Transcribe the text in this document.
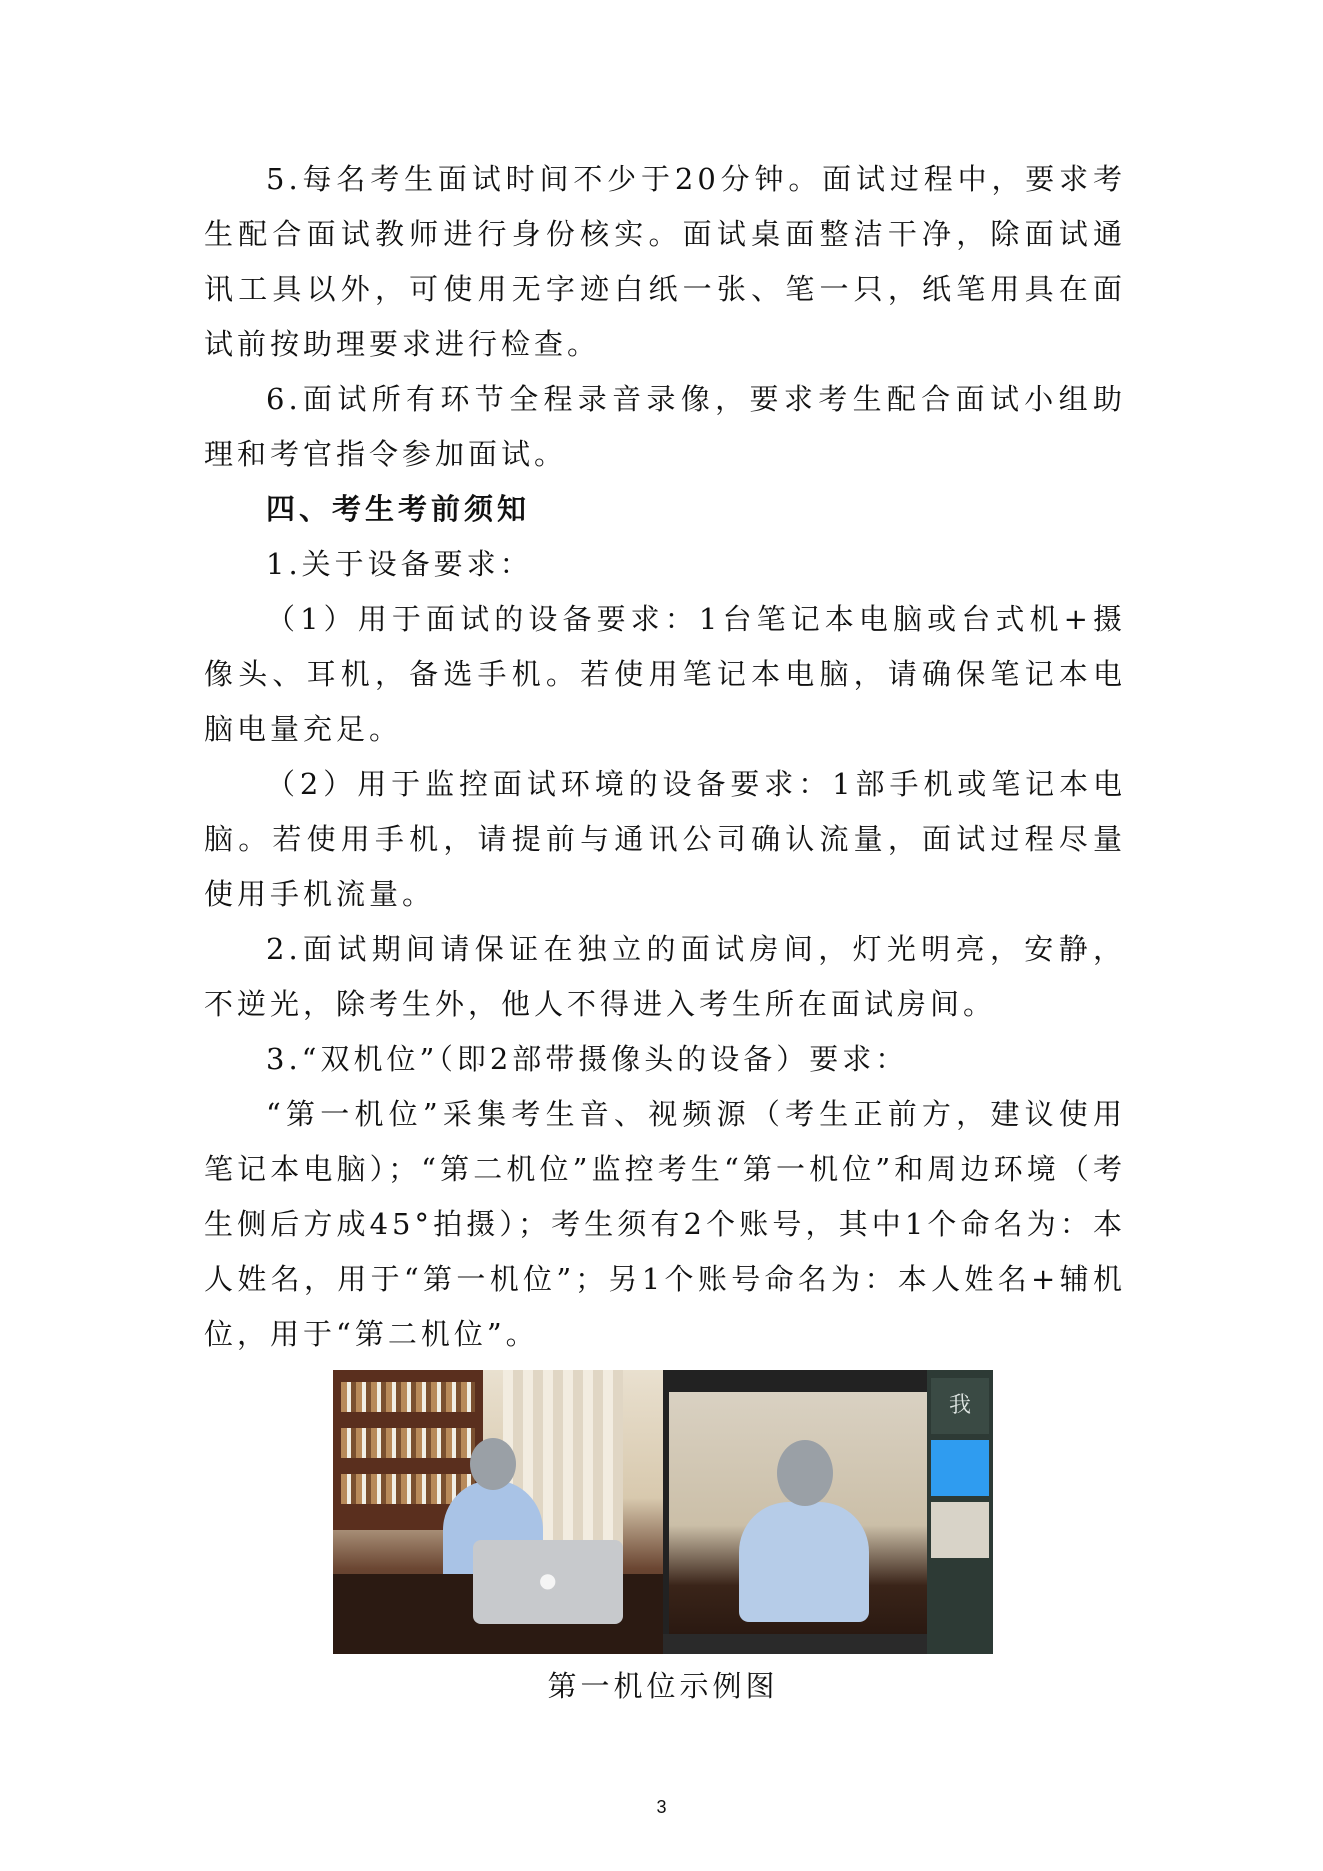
5.每名考生面试时间不少于20分钟。面试过程中，要求考生配合面试教师进行身份核实。面试桌面整洁干净，除面试通讯工具以外，可使用无字迹白纸一张、笔一只，纸笔用具在面试前按助理要求进行检查。

6.面试所有环节全程录音录像，要求考生配合面试小组助理和考官指令参加面试。

四、考生考前须知

1.关于设备要求：

（1）用于面试的设备要求：1台笔记本电脑或台式机+摄像头、耳机，备选手机。若使用笔记本电脑，请确保笔记本电脑电量充足。

（2）用于监控面试环境的设备要求：1部手机或笔记本电脑。若使用手机，请提前与通讯公司确认流量，面试过程尽量使用手机流量。

2.面试期间请保证在独立的面试房间，灯光明亮，安静，不逆光，除考生外，他人不得进入考生所在面试房间。

3.“双机位”（即2部带摄像头的设备）要求：

“第一机位”采集考生音、视频源（考生正前方，建议使用笔记本电脑）；“第二机位”监控考生“第一机位”和周边环境（考生侧后方成45°拍摄）；考生须有2个账号，其中1个命名为：本人姓名，用于“第一机位”；另1个账号命名为：本人姓名+辅机位，用于“第二机位”。

●
我
第一机位示例图
3
